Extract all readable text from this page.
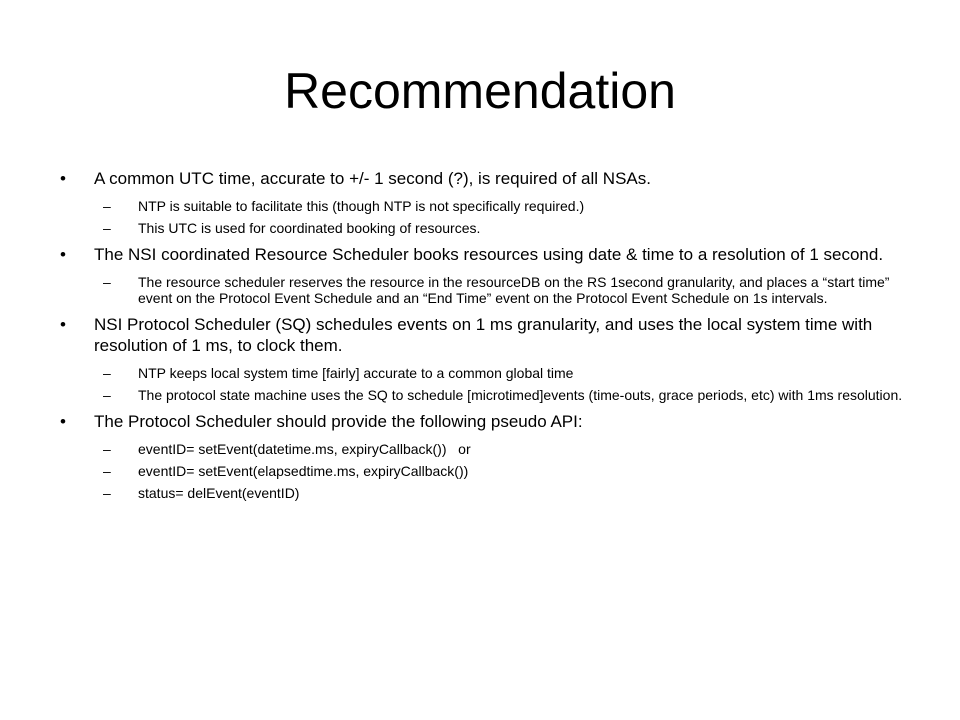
Recommendation
•	A common UTC time, accurate to +/- 1 second (?), is required of all NSAs.
–	NTP is suitable to facilitate this (though NTP is not specifically required.)
–	This UTC is used for coordinated booking of resources.
•	The NSI coordinated Resource Scheduler books resources using date & time to a resolution of 1 second.
–	The resource scheduler reserves the resource in the resourceDB on the RS 1second granularity, and places a “start time” event on the Protocol Event Schedule and an “End Time” event on the Protocol Event Schedule on 1s intervals.
•	NSI Protocol Scheduler (SQ) schedules events on 1 ms granularity, and uses the local system time with resolution of 1 ms, to clock them.
–	NTP keeps local system time [fairly] accurate to a common global time
–	The protocol state machine uses the SQ to schedule [microtimed]events (time-outs, grace periods, etc) with 1ms resolution.
•	The Protocol Scheduler should provide the following pseudo API:
–	eventID= setEvent(datetime.ms, expiryCallback())   or
–	eventID= setEvent(elapsedtime.ms, expiryCallback())
–	status= delEvent(eventID)
